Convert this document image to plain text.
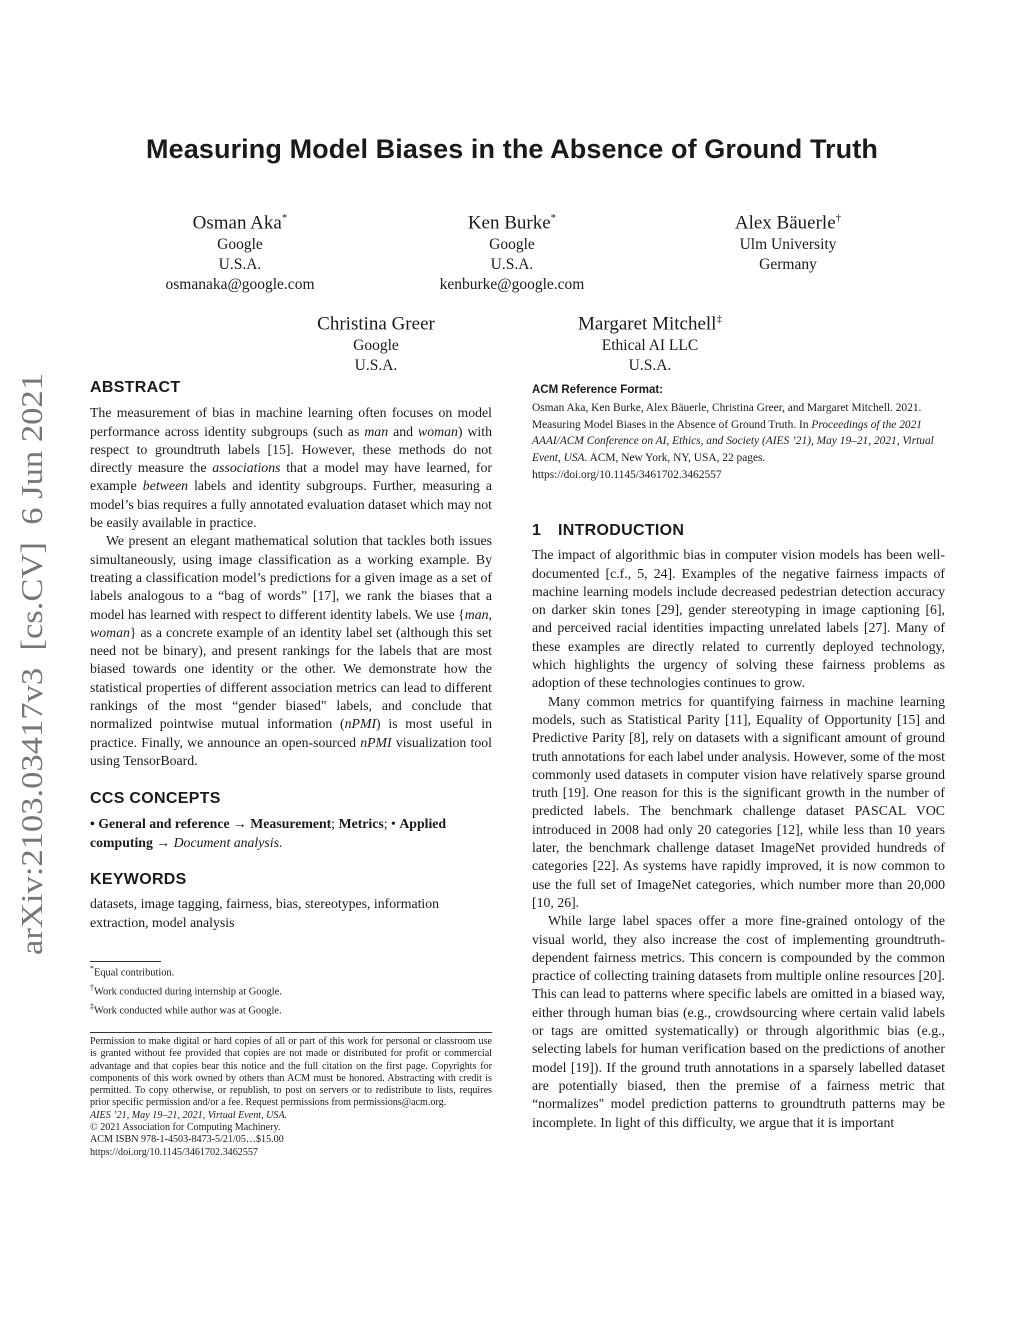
arXiv:2103.03417v3  [cs.CV]  6 Jun 2021
Measuring Model Biases in the Absence of Ground Truth
Osman Aka*
Google
U.S.A.
osmanaka@google.com
Ken Burke*
Google
U.S.A.
kenburke@google.com
Alex Bäuerle†
Ulm University
Germany
Christina Greer
Google
U.S.A.
Margaret Mitchell‡
Ethical AI LLC
U.S.A.
ABSTRACT

The measurement of bias in machine learning often focuses on model performance across identity subgroups (such as man and woman) with respect to groundtruth labels [15]. However, these methods do not directly measure the associations that a model may have learned, for example between labels and identity subgroups. Further, measuring a model’s bias requires a fully annotated evaluation dataset which may not be easily available in practice.

We present an elegant mathematical solution that tackles both issues simultaneously, using image classification as a working example. By treating a classification model’s predictions for a given image as a set of labels analogous to a “bag of words” [17], we rank the biases that a model has learned with respect to different identity labels. We use {man, woman} as a concrete example of an identity label set (although this set need not be binary), and present rankings for the labels that are most biased towards one identity or the other. We demonstrate how the statistical properties of different association metrics can lead to different rankings of the most “gender biased" labels, and conclude that normalized pointwise mutual information (nPMI) is most useful in practice. Finally, we announce an open-sourced nPMI visualization tool using TensorBoard.

CCS CONCEPTS

• General and reference → Measurement; Metrics; • Applied computing → Document analysis.

KEYWORDS

datasets, image tagging, fairness, bias, stereotypes, information extraction, model analysis

*Equal contribution.
†Work conducted during internship at Google.
‡Work conducted while author was at Google.
Permission to make digital or hard copies of all or part of this work for personal or classroom use is granted without fee provided that copies are not made or distributed for profit or commercial advantage and that copies bear this notice and the full citation on the first page. Copyrights for components of this work owned by others than ACM must be honored. Abstracting with credit is permitted. To copy otherwise, or republish, to post on servers or to redistribute to lists, requires prior specific permission and/or a fee. Request permissions from permissions@acm.org.
AIES ’21, May 19–21, 2021, Virtual Event, USA.
© 2021 Association for Computing Machinery.
ACM ISBN 978-1-4503-8473-5/21/05…$15.00
https://doi.org/10.1145/3461702.3462557
ACM Reference Format:
Osman Aka, Ken Burke, Alex Bäuerle, Christina Greer, and Margaret Mitchell. 2021. Measuring Model Biases in the Absence of Ground Truth. In Proceedings of the 2021 AAAI/ACM Conference on AI, Ethics, and Society (AIES ’21), May 19–21, 2021, Virtual Event, USA. ACM, New York, NY, USA, 22 pages. https://doi.org/10.1145/3461702.3462557
1 INTRODUCTION

The impact of algorithmic bias in computer vision models has been well-documented [c.f., 5, 24]. Examples of the negative fairness impacts of machine learning models include decreased pedestrian detection accuracy on darker skin tones [29], gender stereotyping in image captioning [6], and perceived racial identities impacting unrelated labels [27]. Many of these examples are directly related to currently deployed technology, which highlights the urgency of solving these fairness problems as adoption of these technologies continues to grow.

Many common metrics for quantifying fairness in machine learning models, such as Statistical Parity [11], Equality of Opportunity [15] and Predictive Parity [8], rely on datasets with a significant amount of ground truth annotations for each label under analysis. However, some of the most commonly used datasets in computer vision have relatively sparse ground truth [19]. One reason for this is the significant growth in the number of predicted labels. The benchmark challenge dataset PASCAL VOC introduced in 2008 had only 20 categories [12], while less than 10 years later, the benchmark challenge dataset ImageNet provided hundreds of categories [22]. As systems have rapidly improved, it is now common to use the full set of ImageNet categories, which number more than 20,000 [10, 26].

While large label spaces offer a more fine-grained ontology of the visual world, they also increase the cost of implementing groundtruth-dependent fairness metrics. This concern is compounded by the common practice of collecting training datasets from multiple online resources [20]. This can lead to patterns where specific labels are omitted in a biased way, either through human bias (e.g., crowdsourcing where certain valid labels or tags are omitted systematically) or through algorithmic bias (e.g., selecting labels for human verification based on the predictions of another model [19]). If the ground truth annotations in a sparsely labelled dataset are potentially biased, then the premise of a fairness metric that “normalizes" model prediction patterns to groundtruth patterns may be incomplete. In light of this difficulty, we argue that it is important
